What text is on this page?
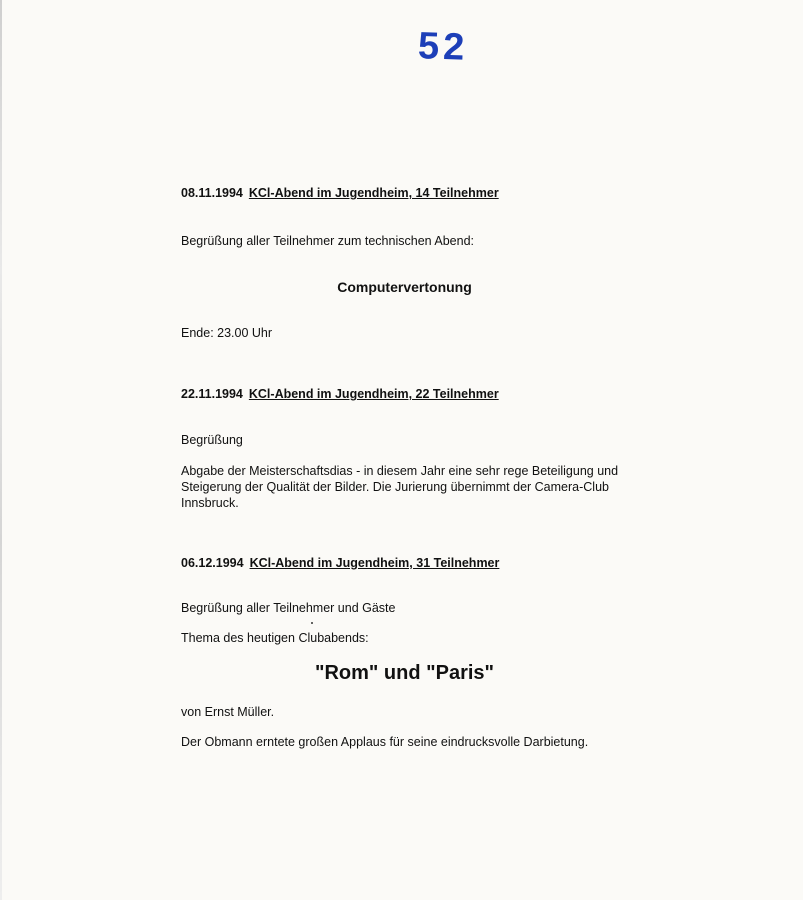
52
08.11.1994 KCl-Abend im Jugendheim, 14 Teilnehmer
Begrüßung aller Teilnehmer zum technischen Abend:
Computervertonung
Ende: 23.00 Uhr
22.11.1994 KCl-Abend im Jugendheim, 22 Teilnehmer
Begrüßung
Abgabe der Meisterschaftsdias - in diesem Jahr eine sehr rege Beteiligung und Steigerung der Qualität der Bilder. Die Jurierung übernimmt der Camera-Club Innsbruck.
06.12.1994 KCl-Abend im Jugendheim, 31 Teilnehmer
Begrüßung aller Teilnehmer und Gäste
Thema des heutigen Clubabends:
"Rom" und "Paris"
von Ernst Müller.
Der Obmann erntete großen Applaus für seine eindrucksvolle Darbietung.
